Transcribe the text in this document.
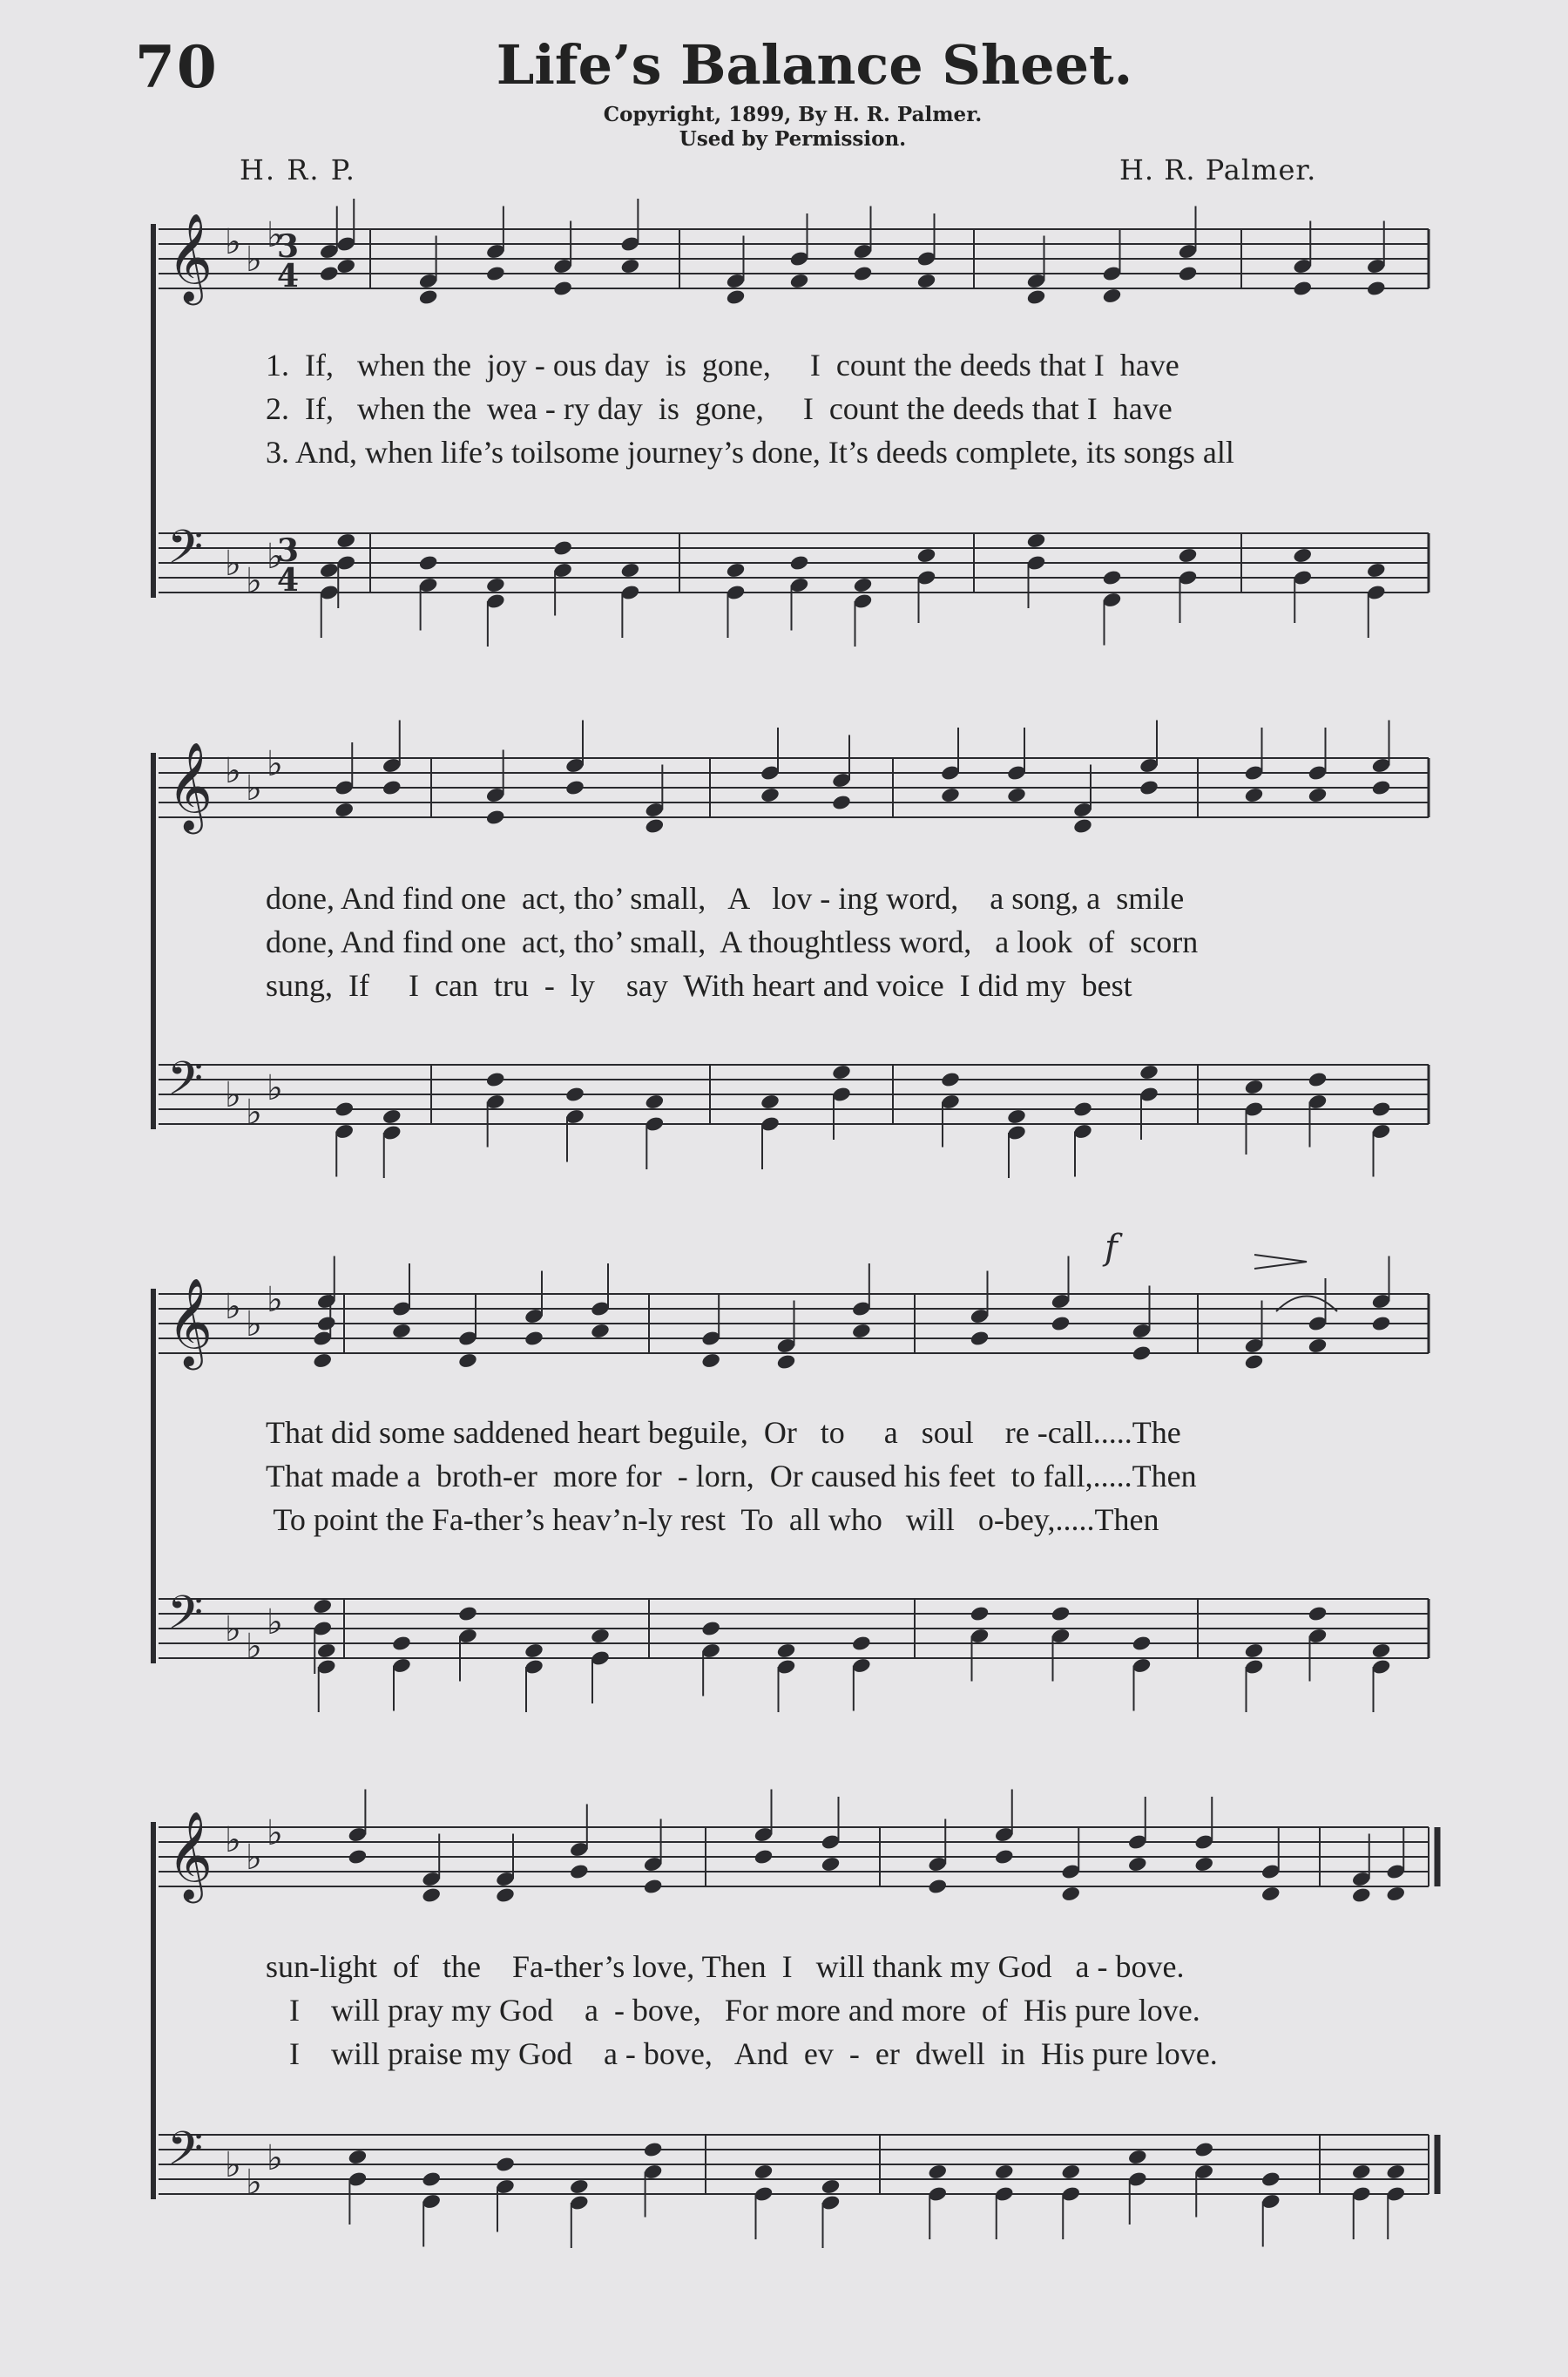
70	Life’s Balance Sheet.
Copyright, 1899, By H. R. Palmer.
Used by Permission.
H. R. P.	H. R. Palmer.
𝄞 ♭ ♭
♭
𝄢 ♭ ♭
♭
3
4
3
4
𝄞 ♭ ♭
♭
𝄢 ♭ ♭
♭
𝄞 ♭ ♭
♭
𝄢 ♭ ♭
♭
f
𝄞 ♭ ♭
♭
𝄢 ♭ ♭
♭
1.  If,   when the  joy - ous day  is  gone,     I  count the deeds that I  have
2.  If,   when the  wea - ry day  is  gone,     I  count the deeds that I  have
3. And, when life’s toilsome journey’s done, It’s deeds complete, its songs all
done, And find one  act, tho’ small,   A   lov - ing word,    a song, a  smile
done, And find one  act, tho’ small,  A thoughtless word,   a look  of  scorn
sung,  If     I  can  tru  -  ly    say  With heart and voice  I did my  best
That did some saddened heart beguile,  Or   to     a   soul    re -call.....The
That made a  broth-er  more for  - lorn,  Or caused his feet  to fall,.....Then
To point the Fa-ther’s heav’n-ly rest  To  all who   will   o-bey,.....Then
sun-light  of   the    Fa-ther’s love, Then  I   will thank my God   a - bove.
I    will pray my God    a  - bove,   For more and more  of  His pure love.
I    will praise my God    a - bove,   And  ev  -  er  dwell  in  His pure love.
